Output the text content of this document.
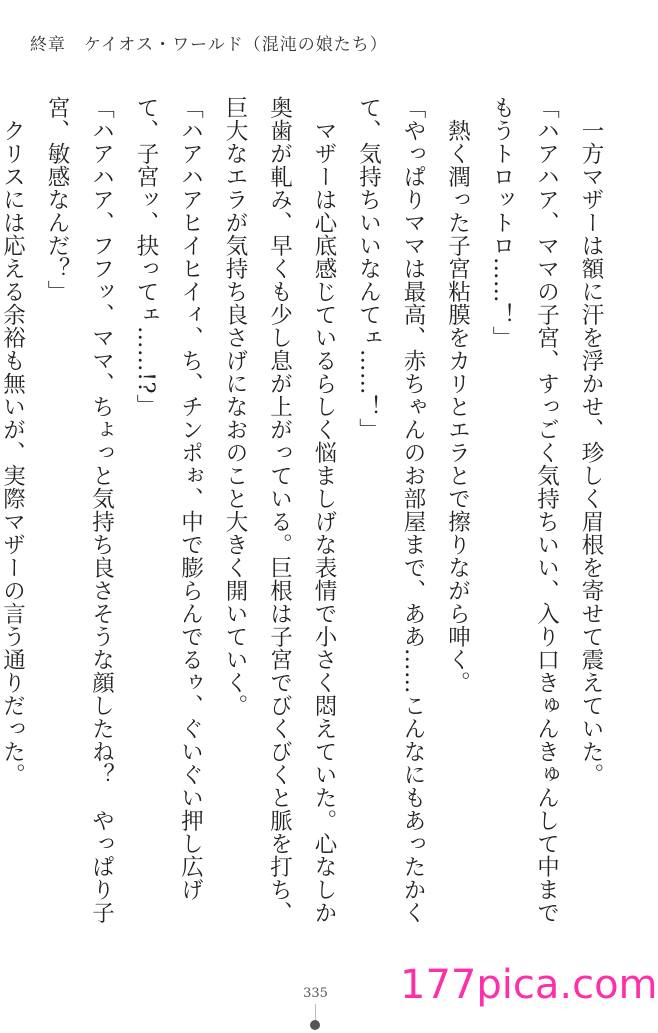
終章　ケイオス・ワールド（混沌の娘たち）

　一方マザーは額に汗を浮かせ、珍しく眉根を寄せて震えていた。

「ハアハア、ママの子宮、すっごく気持ちいい、入り口きゅんきゅんして中までもうトロットロ……！」

　熱く潤った子宮粘膜をカリとエラとで擦りながら呻く。

「やっぱりママは最高、赤ちゃんのお部屋まで、ああ……こんなにもあったかくて、気持ちいいなんてェ……！」

　マザーは心底感じているらしく悩ましげな表情で小さく悶えていた。心なしか奥歯が軋み、早くも少し息が上がっている。巨根は子宮でびくびくと脈を打ち、巨大なエラが気持ち良さげになおのこと大きく開いていく。

「ハアハアヒイヒイィ、ち、チンポぉ、中で膨らんでるゥ、ぐいぐい押し広げて、子宮ッ、抉ってェ……!?」

「ハアハア、フフッ、ママ、ちょっと気持ち良さそうな顔したね？　やっぱり子宮、敏感なんだ？」

　クリスには応える余裕も無いが、実際マザーの言う通りだった。

335	177pica.com
